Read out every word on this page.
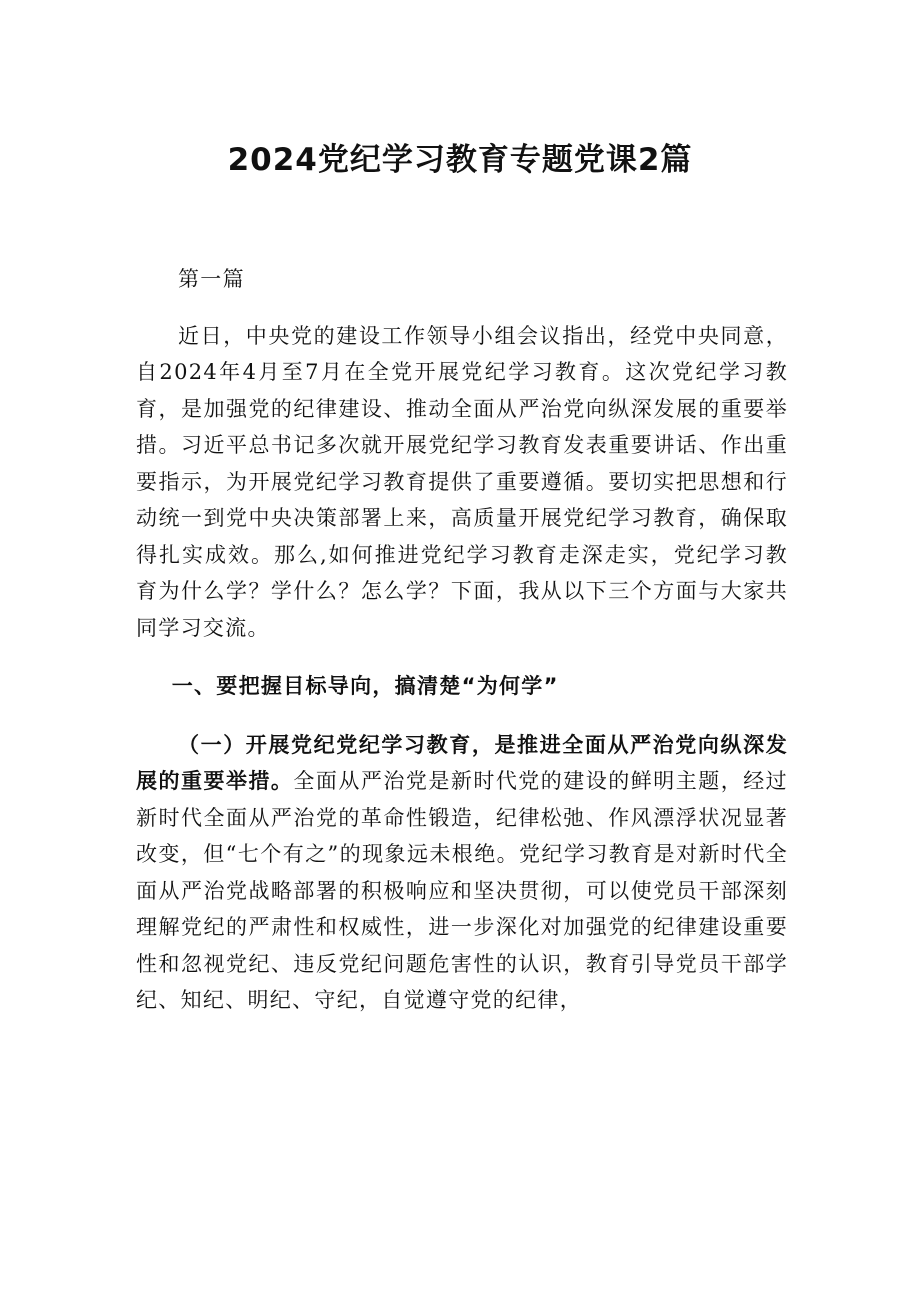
2024党纪学习教育专题党课2篇

第一篇

近日，中央党的建设工作领导小组会议指出，经党中央同意，自2024年4月至7月在全党开展党纪学习教育。这次党纪学习教育，是加强党的纪律建设、推动全面从严治党向纵深发展的重要举措。习近平总书记多次就开展党纪学习教育发表重要讲话、作出重要指示，为开展党纪学习教育提供了重要遵循。要切实把思想和行动统一到党中央决策部署上来，高质量开展党纪学习教育，确保取得扎实成效。那么,如何推进党纪学习教育走深走实，党纪学习教育为什么学？学什么？怎么学？下面，我从以下三个方面与大家共同学习交流。

一、要把握目标导向，搞清楚“为何学”

（一）开展党纪党纪学习教育，是推进全面从严治党向纵深发展的重要举措。全面从严治党是新时代党的建设的鲜明主题，经过新时代全面从严治党的革命性锻造，纪律松弛、作风漂浮状况显著改变，但“七个有之”的现象远未根绝。党纪学习教育是对新时代全面从严治党战略部署的积极响应和坚决贯彻，可以使党员干部深刻理解党纪的严肃性和权威性，进一步深化对加强党的纪律建设重要性和忽视党纪、违反党纪问题危害性的认识，教育引导党员干部学纪、知纪、明纪、守纪，自觉遵守党的纪律，
